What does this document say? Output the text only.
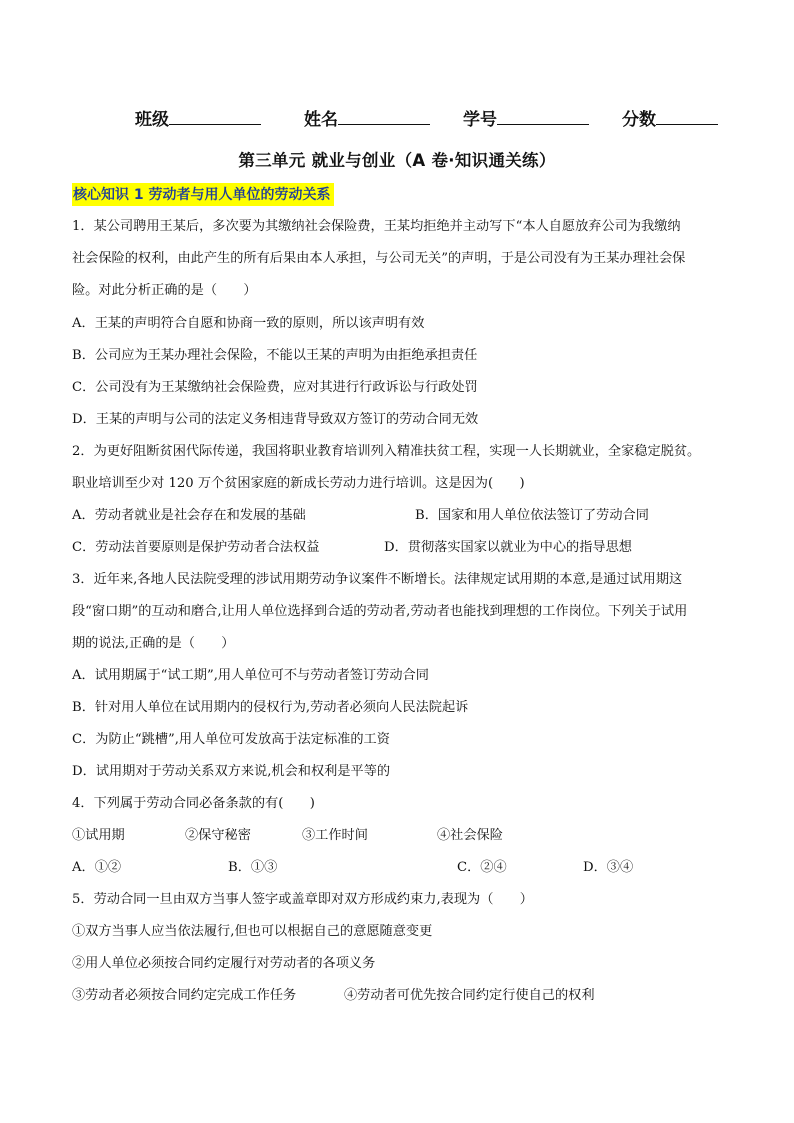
班级	姓名	学号	分数
第三单元 就业与创业（A 卷·知识通关练）
核心知识 1 劳动者与用人单位的劳动关系
1．某公司聘用王某后，多次要为其缴纳社会保险费，王某均拒绝并主动写下“本人自愿放弃公司为我缴纳
社会保险的权利，由此产生的所有后果由本人承担，与公司无关”的声明，于是公司没有为王某办理社会保
险。对此分析正确的是（　　）
A．王某的声明符合自愿和协商一致的原则，所以该声明有效
B．公司应为王某办理社会保险，不能以王某的声明为由拒绝承担责任
C．公司没有为王某缴纳社会保险费，应对其进行行政诉讼与行政处罚
D．王某的声明与公司的法定义务相违背导致双方签订的劳动合同无效
2．为更好阻断贫困代际传递，我国将职业教育培训列入精准扶贫工程，实现一人长期就业，全家稳定脱贫。
职业培训至少对 120 万个贫困家庭的新成长劳动力进行培训。这是因为(　　)
A．劳动者就业是社会存在和发展的基础	B．国家和用人单位依法签订了劳动合同
C．劳动法首要原则是保护劳动者合法权益	D．贯彻落实国家以就业为中心的指导思想
3．近年来,各地人民法院受理的涉试用期劳动争议案件不断增长。法律规定试用期的本意,是通过试用期这
段“窗口期”的互动和磨合,让用人单位选择到合适的劳动者,劳动者也能找到理想的工作岗位。下列关于试用
期的说法,正确的是（　　）
A．试用期属于“试工期”,用人单位可不与劳动者签订劳动合同
B．针对用人单位在试用期内的侵权行为,劳动者必须向人民法院起诉
C．为防止“跳槽”,用人单位可发放高于法定标准的工资
D．试用期对于劳动关系双方来说,机会和权利是平等的
4．下列属于劳动合同必备条款的有(　　)
①试用期	②保守秘密	③工作时间	④社会保险
A．①②	B．①③	C．②④	D．③④
5．劳动合同一旦由双方当事人签字或盖章即对双方形成约束力,表现为（　　）
①双方当事人应当依法履行,但也可以根据自己的意愿随意变更
②用人单位必须按合同约定履行对劳动者的各项义务
③劳动者必须按合同约定完成工作任务	④劳动者可优先按合同约定行使自己的权利
